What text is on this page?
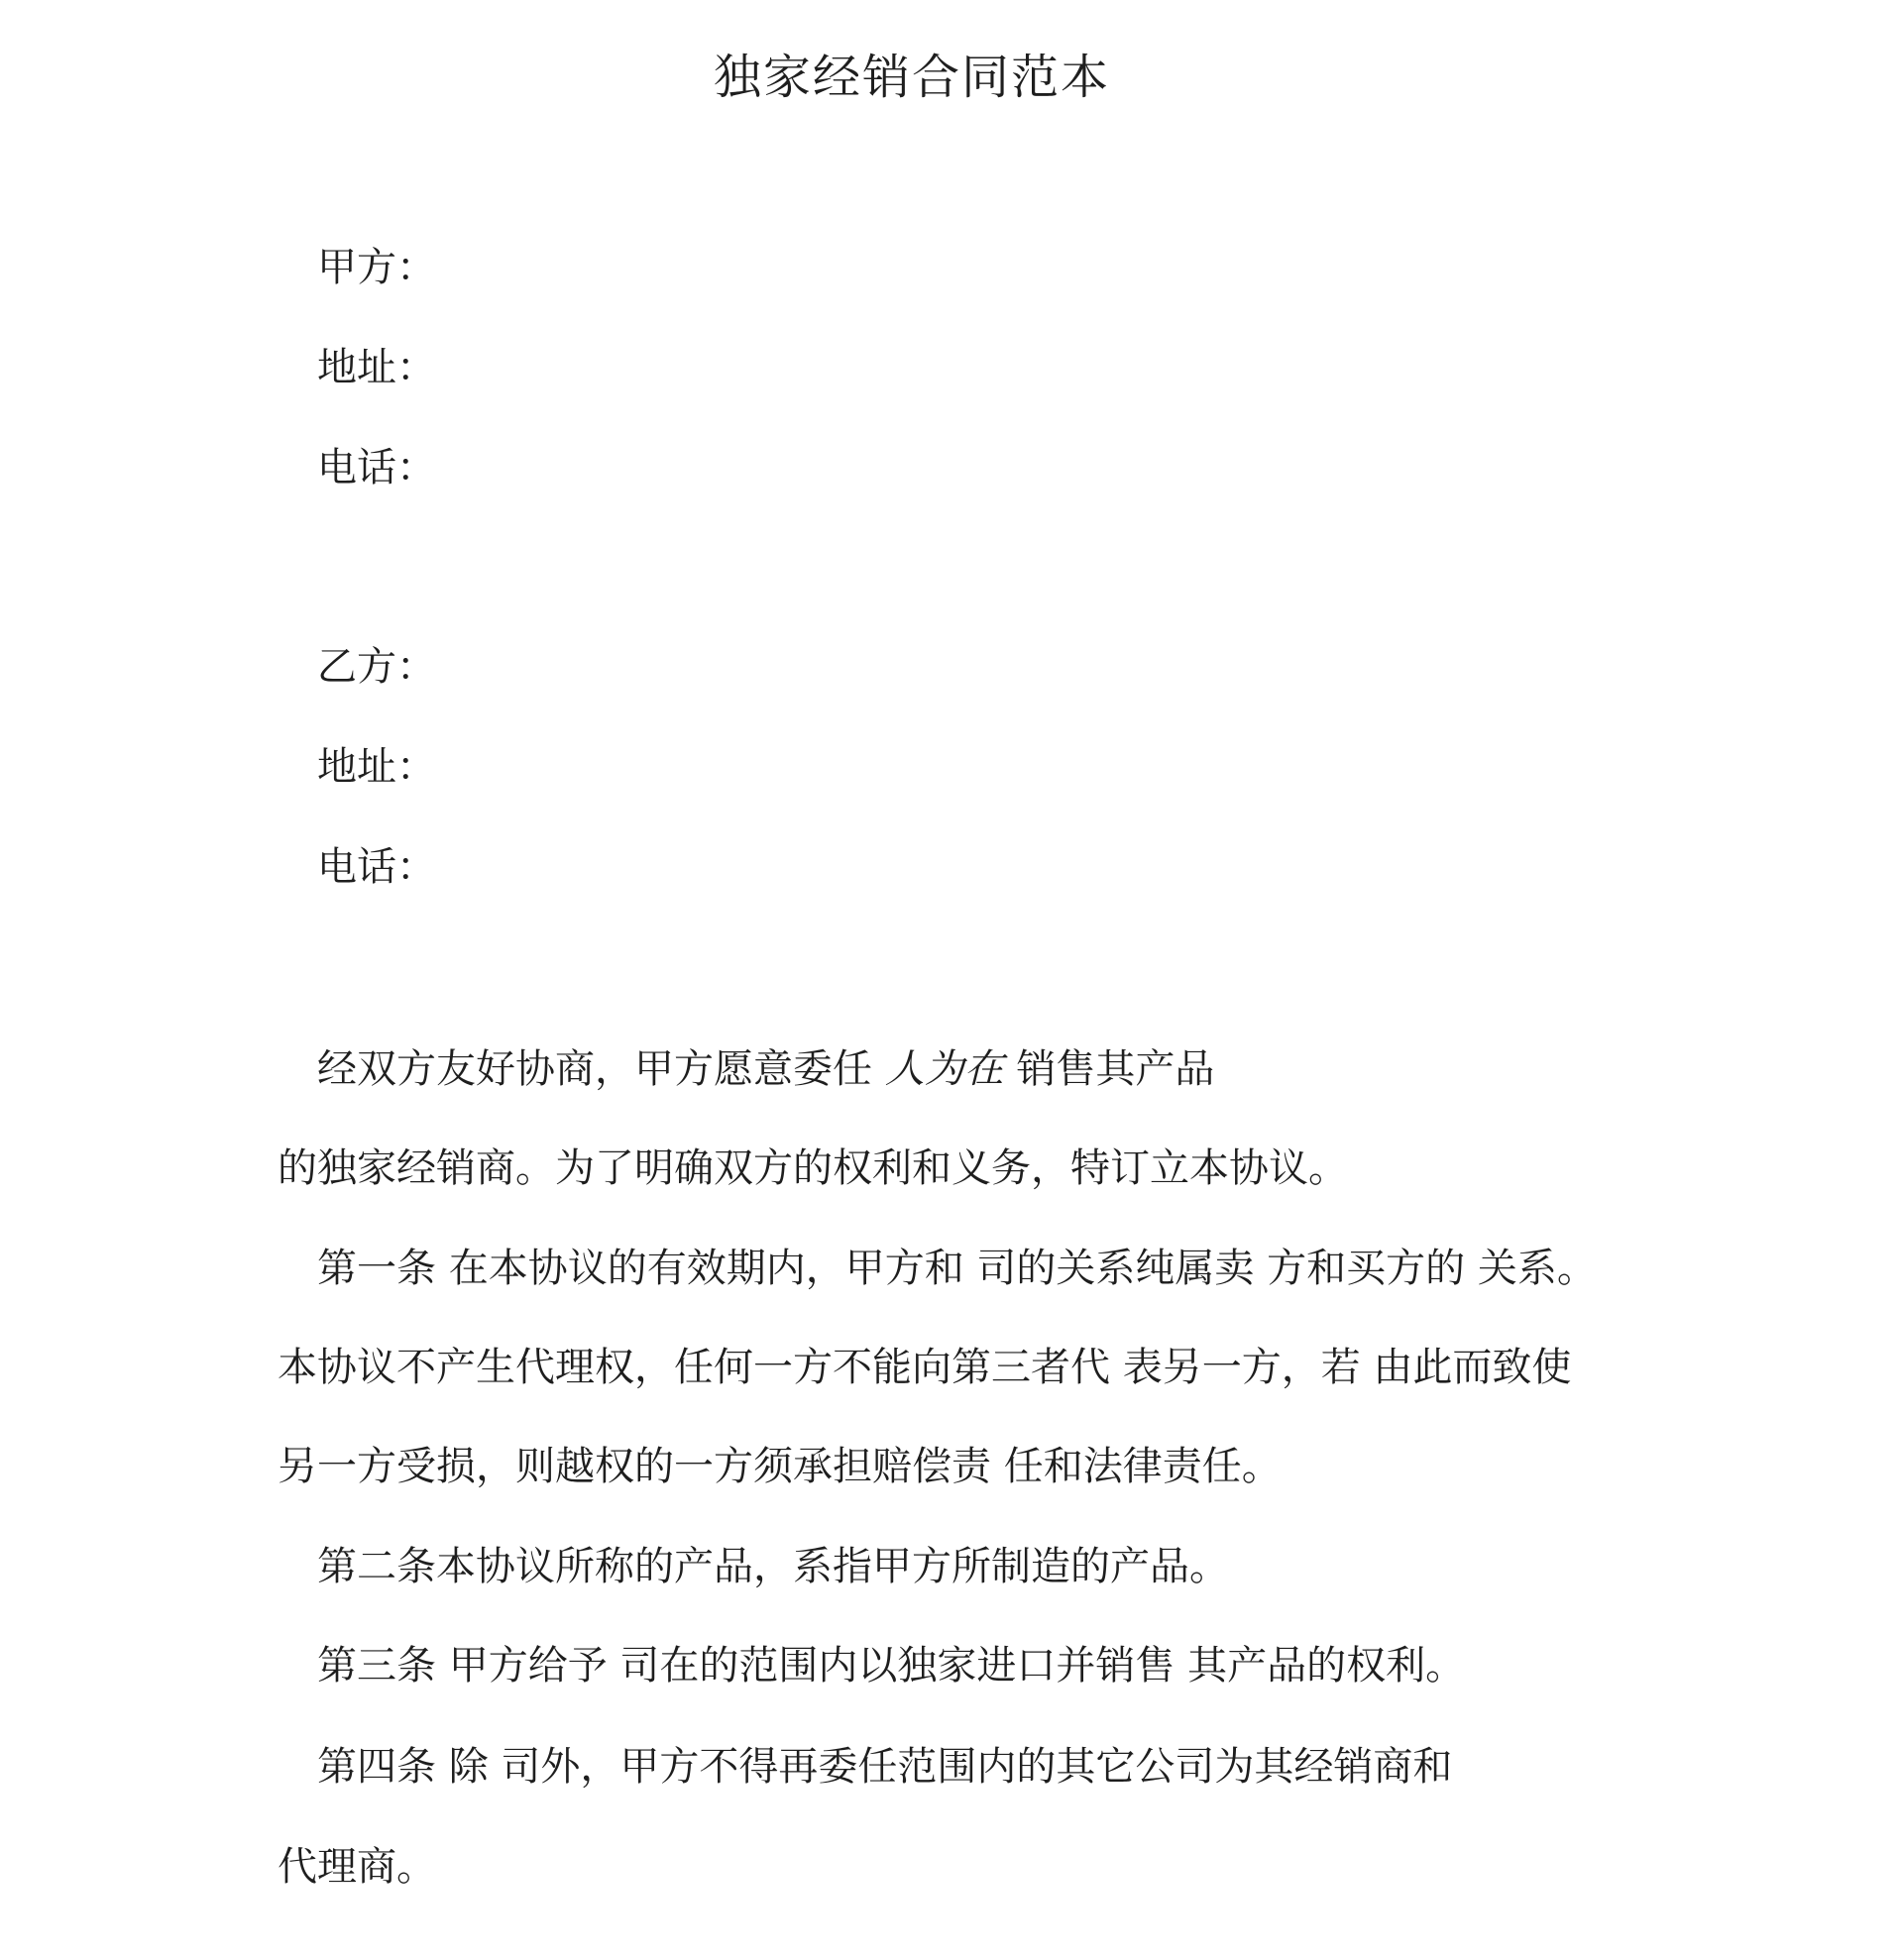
独家经销合同范本
甲方：
地址：
电话：
乙方：
地址：
电话：
经双方友好协商，甲方愿意委任 人为在 销售其产品
的独家经销商。为了明确双方的权利和义务，特订立本协议。
第一条 在本协议的有效期内，甲方和 司的关系纯属卖 方和买方的 关系。
本协议不产生代理权，任何一方不能向第三者代 表另一方，若 由此而致使
另一方受损，则越权的一方须承担赔偿责 任和法律责任。
第二条本协议所称的产品，系指甲方所制造的产品。
第三条 甲方给予 司在的范围内以独家进口并销售 其产品的权利。
第四条 除 司外，甲方不得再委任范围内的其它公司为其经销商和
代理商。
